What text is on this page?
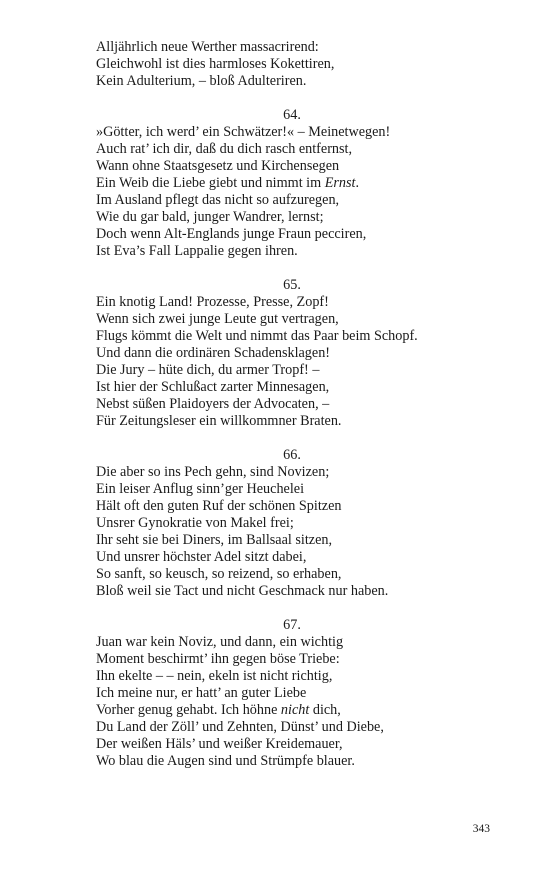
Alljährlich neue Werther massacrirend:
Gleichwohl ist dies harmloses Kokettiren,
Kein Adulterium, – bloß Adulteriren.
64.
»Götter, ich werd’ ein Schwätzer!« – Meinetwegen!
Auch rat’ ich dir, daß du dich rasch entfernst,
Wann ohne Staatsgesetz und Kirchensegen
Ein Weib die Liebe giebt und nimmt im Ernst.
Im Ausland pflegt das nicht so aufzuregen,
Wie du gar bald, junger Wandrer, lernst;
Doch wenn Alt-Englands junge Fraun pecciren,
Ist Eva’s Fall Lappalie gegen ihren.
65.
Ein knotig Land! Prozesse, Presse, Zopf!
Wenn sich zwei junge Leute gut vertragen,
Flugs kömmt die Welt und nimmt das Paar beim Schopf.
Und dann die ordinären Schadensklagen!
Die Jury – hüte dich, du armer Tropf! –
Ist hier der Schlußact zarter Minnesagen,
Nebst süßen Plaidoyers der Advocaten, –
Für Zeitungsleser ein willkommner Braten.
66.
Die aber so ins Pech gehn, sind Novizen;
Ein leiser Anflug sinn’ger Heuchelei
Hält oft den guten Ruf der schönen Spitzen
Unsrer Gynokratie von Makel frei;
Ihr seht sie bei Diners, im Ballsaal sitzen,
Und unsrer höchster Adel sitzt dabei,
So sanft, so keusch, so reizend, so erhaben,
Bloß weil sie Tact und nicht Geschmack nur haben.
67.
Juan war kein Noviz, und dann, ein wichtig
Moment beschirmt’ ihn gegen böse Triebe:
Ihn ekelte – – nein, ekeln ist nicht richtig,
Ich meine nur, er hatt’ an guter Liebe
Vorher genug gehabt. Ich höhne nicht dich,
Du Land der Zöll’ und Zehnten, Dünst’ und Diebe,
Der weißen Häls’ und weißer Kreidemauer,
Wo blau die Augen sind und Strümpfe blauer.
343
